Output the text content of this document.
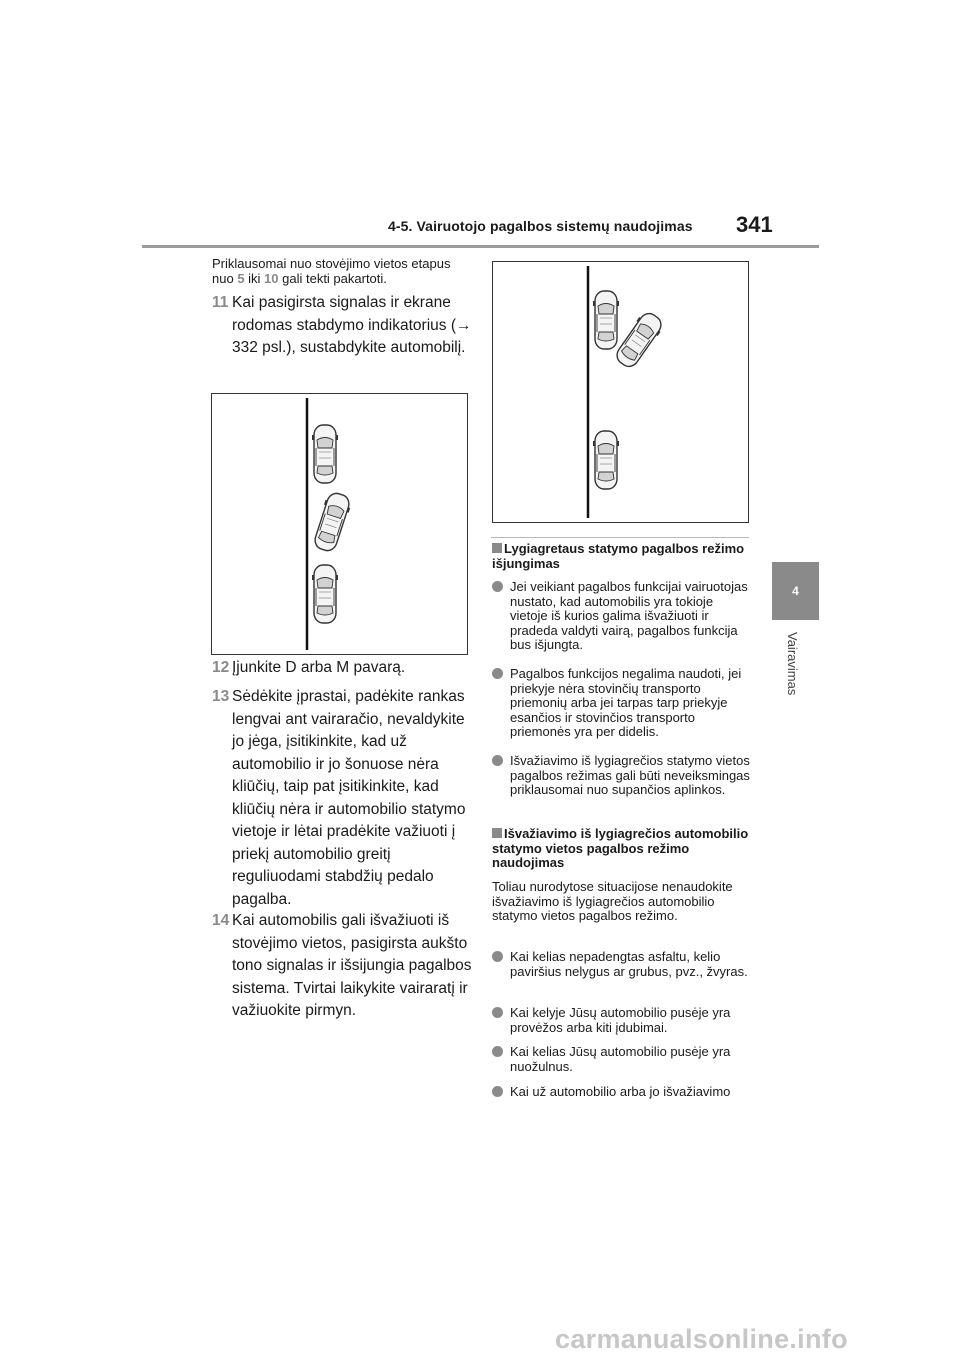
4-5. Vairuotojo pagalbos sistemų naudojimas 341
4
Vairavimas
Priklausomai nuo stovėjimo vietos etapus nuo 5 iki 10 gali tekti pakartoti.
11 Kai pasigirsta signalas ir ekrane rodomas stabdymo indikatorius (→ 332 psl.), sustabdykite automobilį.
12 Įjunkite D arba M pavarą.
13 Sėdėkite įprastai, padėkite rankas lengvai ant vairaračio, nevaldykite jo jėga, įsitikinkite, kad už automobilio ir jo šonuose nėra kliūčių, taip pat įsitikinkite, kad kliūčių nėra ir automobilio statymo vietoje ir lėtai pradėkite važiuoti į priekį automobilio greitį reguliuodami stabdžių pedalo pagalba.
14 Kai automobilis gali išvažiuoti iš stovėjimo vietos, pasigirsta aukšto tono signalas ir išsijungia pagalbos sistema. Tvirtai laikykite vairaratį ir važiuokite pirmyn.
Lygiagretaus statymo pagalbos režimo išjungimas
Jei veikiant pagalbos funkcijai vairuotojas nustato, kad automobilis yra tokioje vietoje iš kurios galima išvažiuoti ir pradeda valdyti vairą, pagalbos funkcija bus išjungta.
Pagalbos funkcijos negalima naudoti, jei priekyje nėra stovinčių transporto priemonių arba jei tarpas tarp priekyje esančios ir stovinčios transporto priemonės yra per didelis.
Išvažiavimo iš lygiagrečios statymo vietos pagalbos režimas gali būti neveiksmingas priklausomai nuo supančios aplinkos.
Išvažiavimo iš lygiagrečios automobilio statymo vietos pagalbos režimo naudojimas
Toliau nurodytose situacijose nenaudokite išvažiavimo iš lygiagrečios automobilio statymo vietos pagalbos režimo.
Kai kelias nepadengtas asfaltu, kelio paviršius nelygus ar grubus, pvz., žvyras.
Kai kelyje Jūsų automobilio pusėje yra provėžos arba kiti įdubimai.
Kai kelias Jūsų automobilio pusėje yra nuožulnus.
Kai už automobilio arba jo išvažiavimo
carmanualsonline.info
